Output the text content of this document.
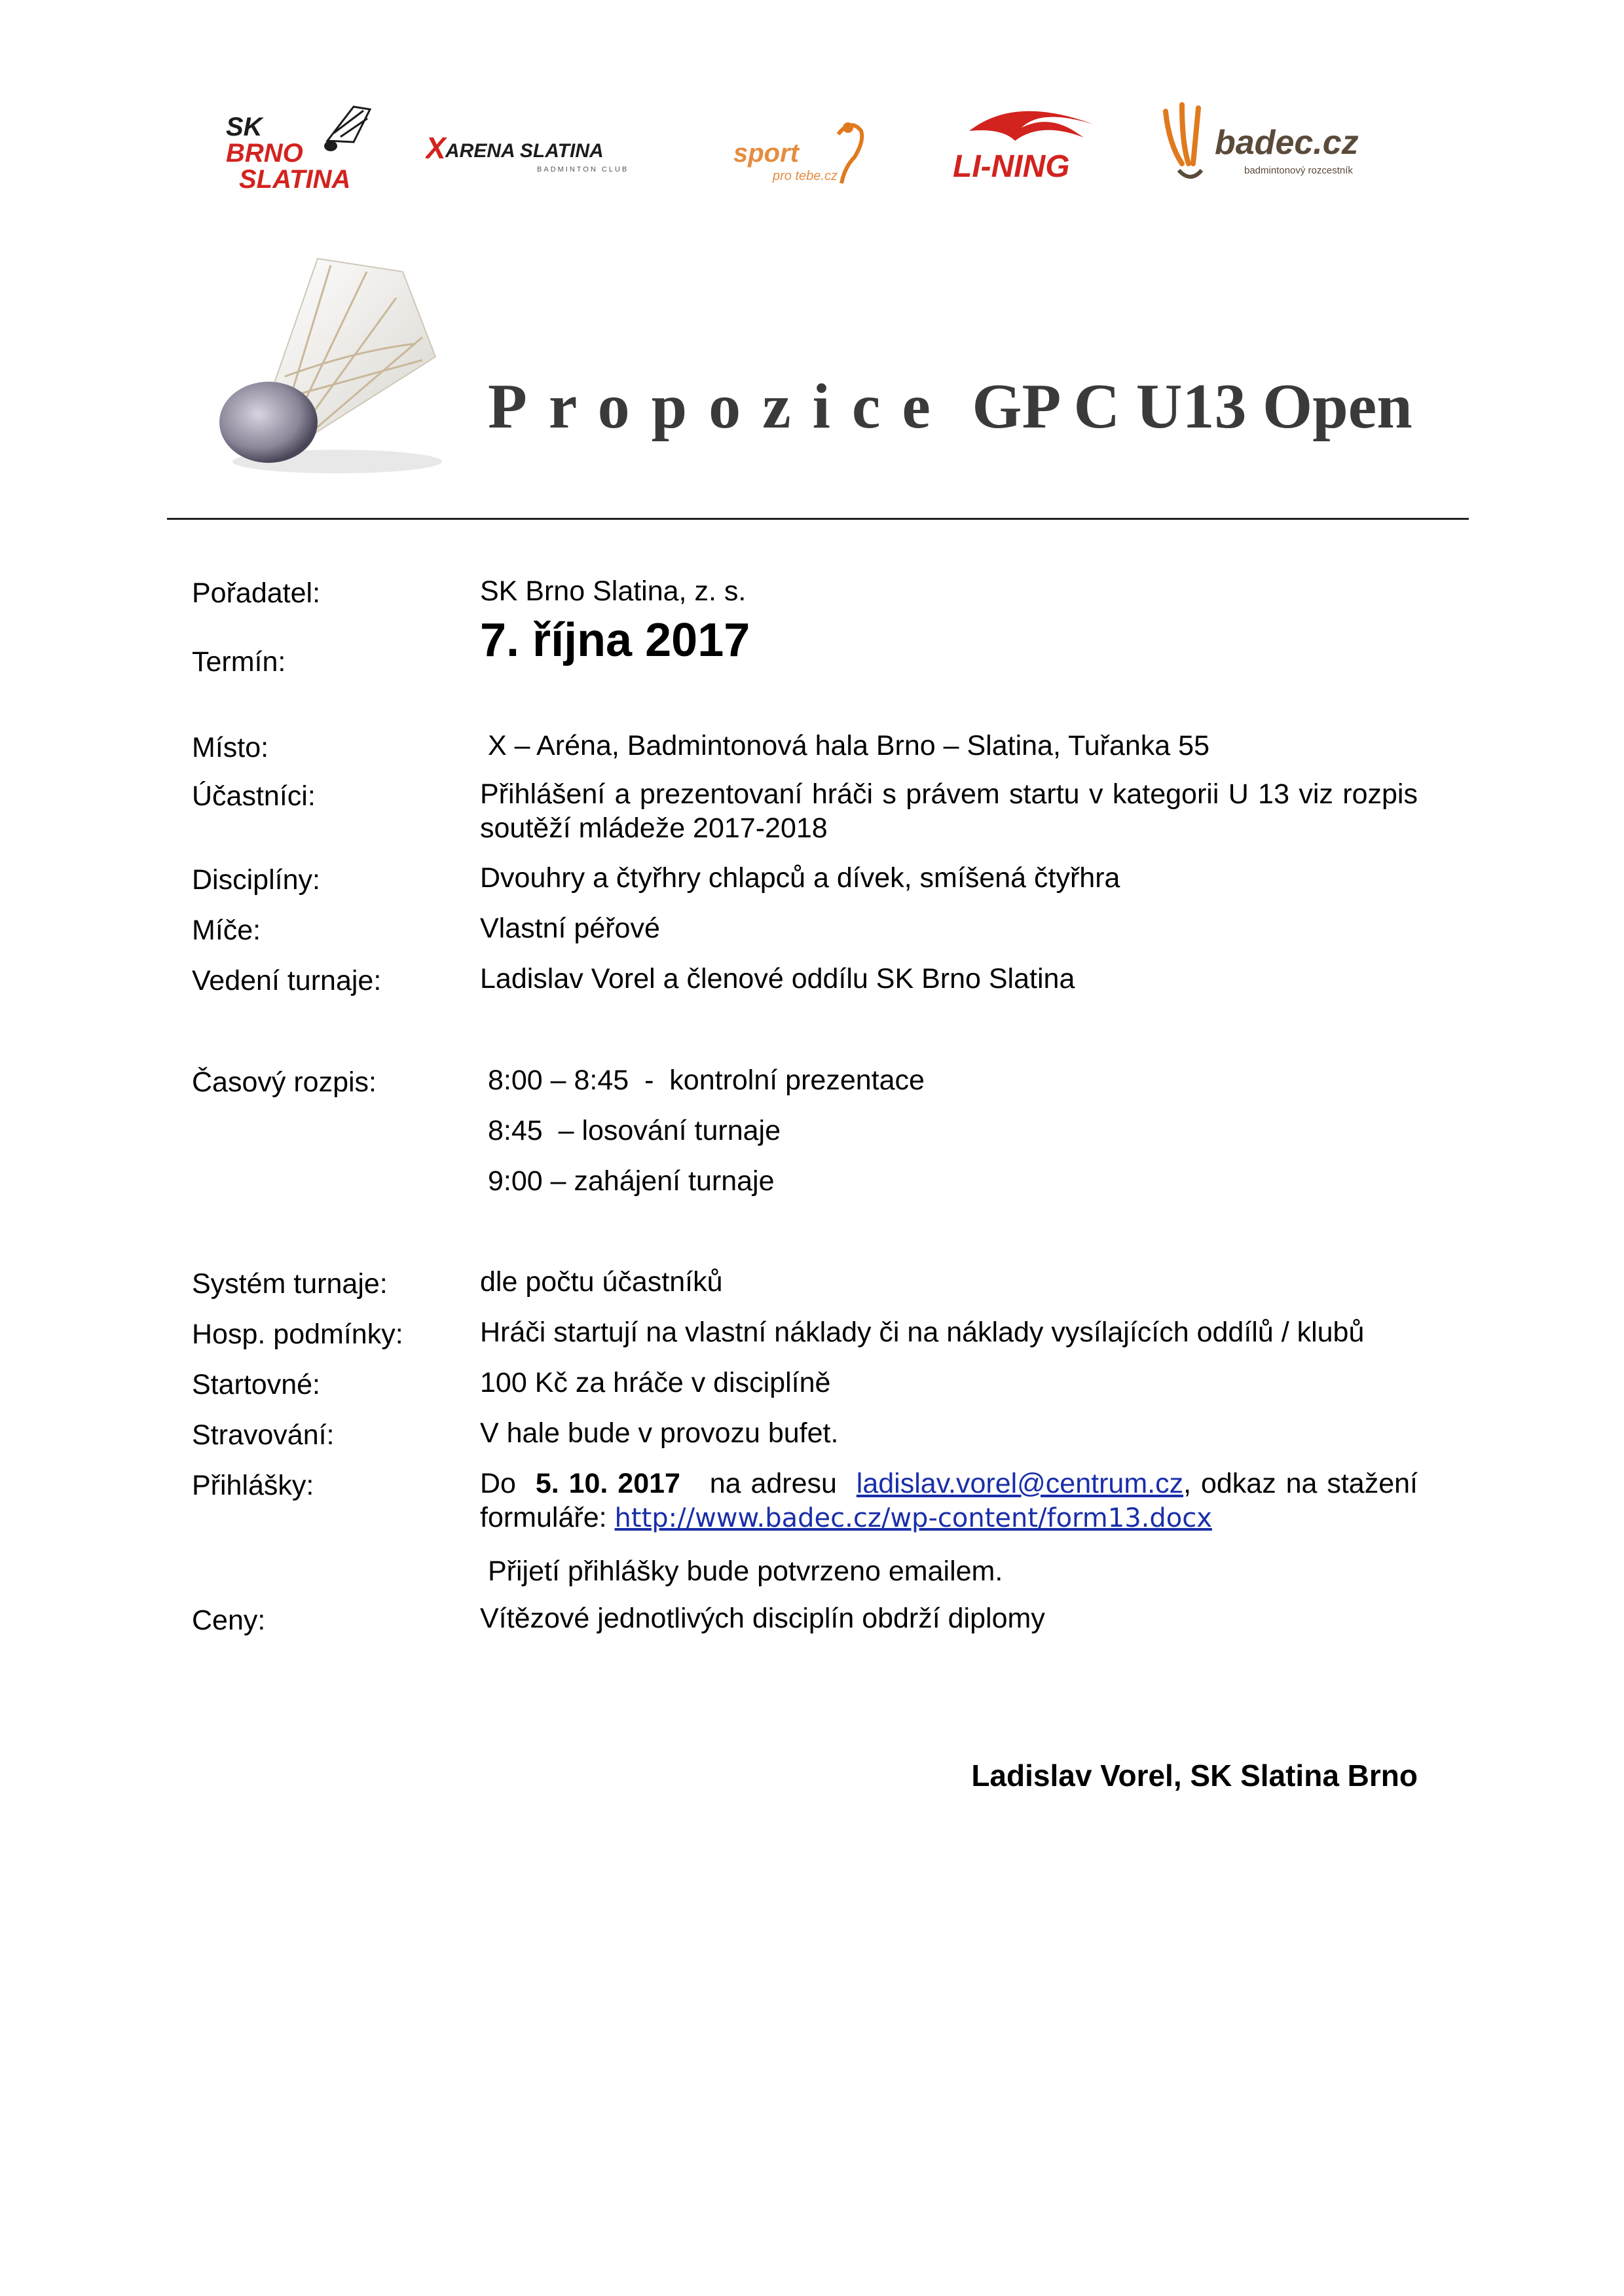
SK
BRNO
SLATINA
X ARENA SLATINA
BADMINTON CLUB
sport
pro tebe.cz	LI-NING
badec.cz
badmintonový rozcestník
Propozice GP C U13 Open
Pořadatel:	SK Brno Slatina, z. s.
Termín:	7. října 2017
Místo:	X – Aréna, Badmintonová hala Brno – Slatina, Tuřanka 55
Účastníci:	Přihlášení a prezentovaní hráči s právem startu v kategorii U 13 viz rozpis soutěží mládeže 2017-2018
Disciplíny:	Dvouhry a čtyřhry chlapců a dívek, smíšená čtyřhra
Míče:	Vlastní péřové
Vedení turnaje:	Ladislav Vorel a členové oddílu SK Brno Slatina
Časový rozpis:	8:00 – 8:45  -  kontrolní prezentace
8:45  – losování turnaje
9:00 – zahájení turnaje
Systém turnaje:	dle počtu účastníků
Hosp. podmínky:	Hráči startují na vlastní náklady či na náklady vysílajících oddílů / klubů
Startovné:	100 Kč za hráče v disciplíně
Stravování:	V hale bude v provozu bufet.
Přihlášky:	Do 5. 10. 2017 na adresu ladislav.vorel@centrum.cz, odkaz na stažení formuláře: http://www.badec.cz/wp-content/form13.docx
Přijetí přihlášky bude potvrzeno emailem.
Ceny:	Vítězové jednotlivých disciplín obdrží diplomy
Ladislav Vorel, SK Slatina Brno
